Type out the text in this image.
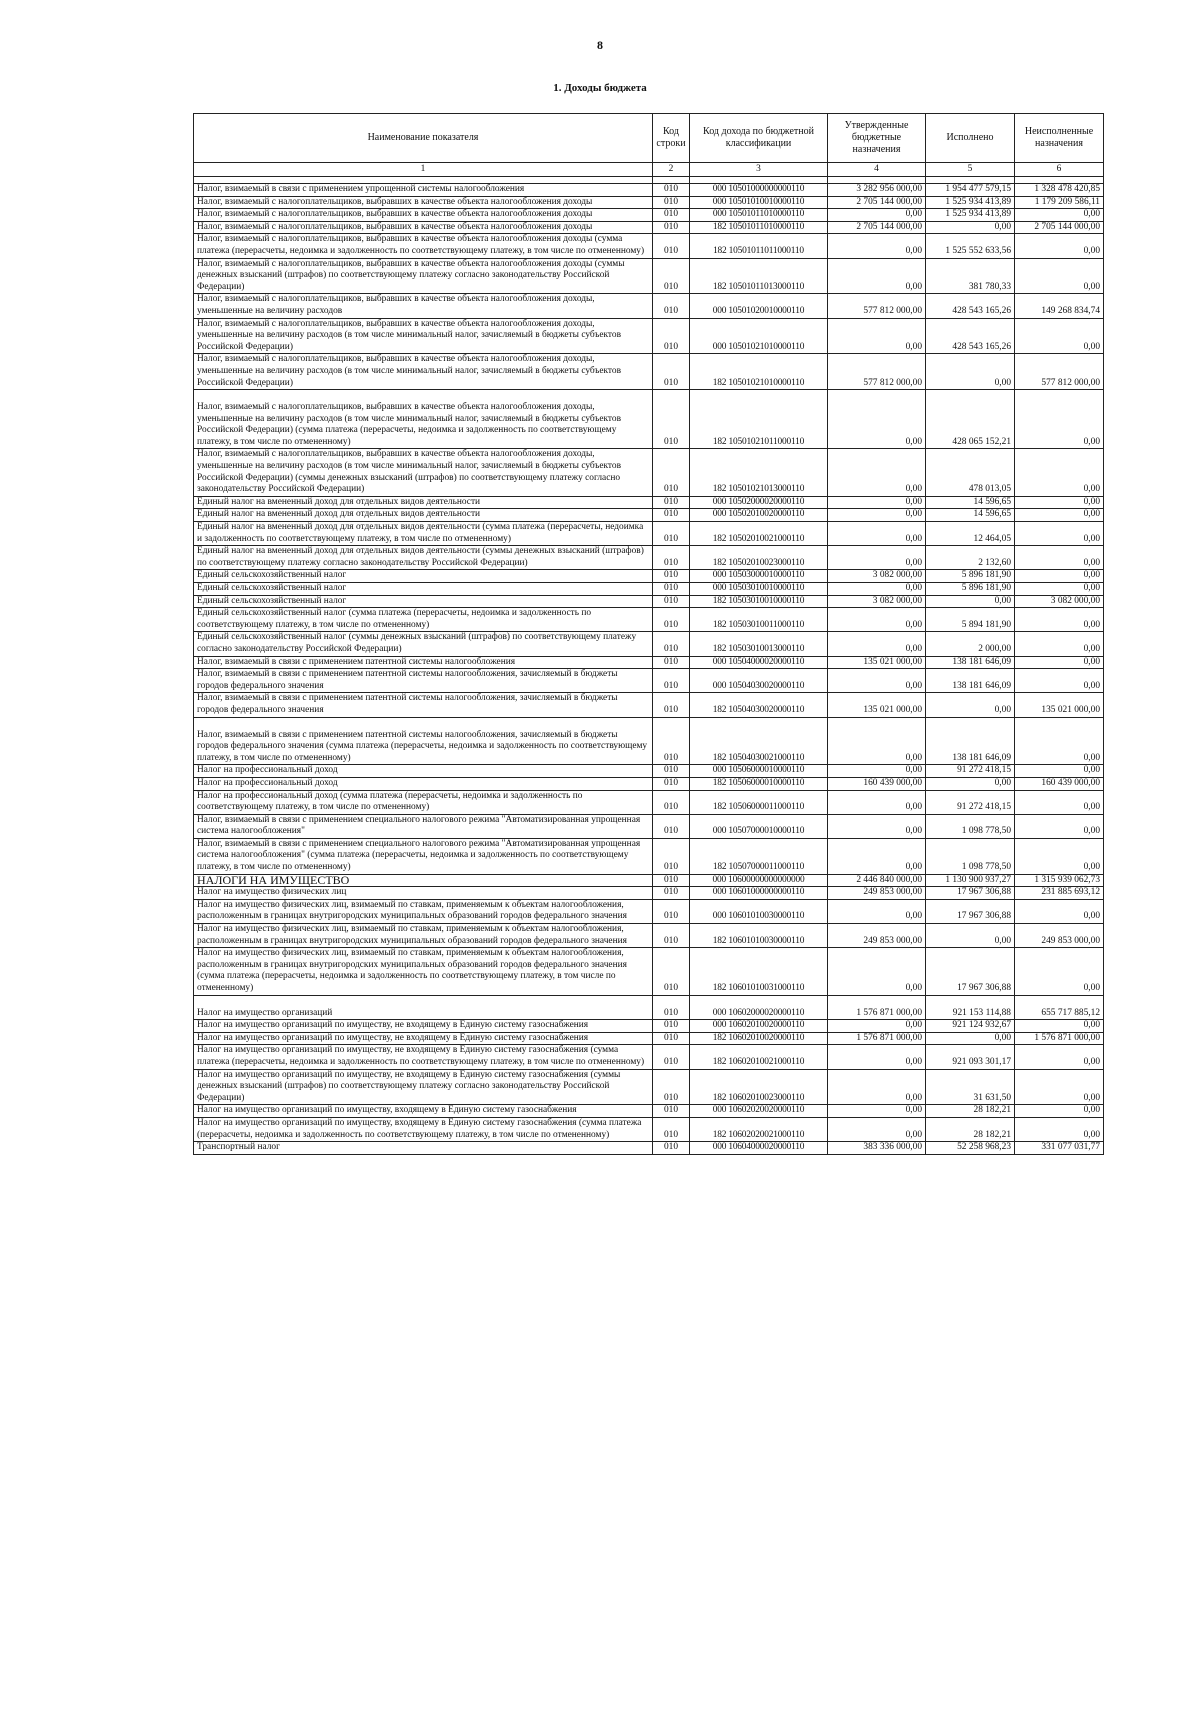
8
1. Доходы бюджета
Наименование показателя	Код строки	Код дохода по бюджетной классификации	Утвержденные бюджетные назначения	Исполнено	Неисполненные назначения
1	2	3	4	5	6

Налог, взимаемый в связи с применением упрощенной системы налогообложения	010	000 10501000000000110	3 282 956 000,00	1 954 477 579,15	1 328 478 420,85
Налог, взимаемый с налогоплательщиков, выбравших в качестве объекта налогообложения доходы	010	000 10501010010000110	2 705 144 000,00	1 525 934 413,89	1 179 209 586,11
Налог, взимаемый с налогоплательщиков, выбравших в качестве объекта налогообложения доходы	010	000 10501011010000110	0,00	1 525 934 413,89	0,00
Налог, взимаемый с налогоплательщиков, выбравших в качестве объекта налогообложения доходы	010	182 10501011010000110	2 705 144 000,00	0,00	2 705 144 000,00
Налог, взимаемый с налогоплательщиков, выбравших в качестве объекта налогообложения доходы (сумма платежа (перерасчеты, недоимка и задолженность по соответствующему платежу, в том числе по отмененному)	010	182 10501011011000110	0,00	1 525 552 633,56	0,00
Налог, взимаемый с налогоплательщиков, выбравших в качестве объекта налогообложения доходы (суммы денежных взысканий (штрафов) по соответствующему платежу согласно законодательству Российской Федерации)	010	182 10501011013000110	0,00	381 780,33	0,00
Налог, взимаемый с налогоплательщиков, выбравших в качестве объекта налогообложения доходы, уменьшенные на величину расходов	010	000 10501020010000110	577 812 000,00	428 543 165,26	149 268 834,74
Налог, взимаемый с налогоплательщиков, выбравших в качестве объекта налогообложения доходы, уменьшенные на величину расходов (в том числе минимальный налог, зачисляемый в бюджеты субъектов Российской Федерации)	010	000 10501021010000110	0,00	428 543 165,26	0,00
Налог, взимаемый с налогоплательщиков, выбравших в качестве объекта налогообложения доходы, уменьшенные на величину расходов (в том числе минимальный налог, зачисляемый в бюджеты субъектов Российской Федерации)	010	182 10501021010000110	577 812 000,00	0,00	577 812 000,00
Налог, взимаемый с налогоплательщиков, выбравших в качестве объекта налогообложения доходы, уменьшенные на величину расходов (в том числе минимальный налог, зачисляемый в бюджеты субъектов Российской Федерации) (сумма платежа (перерасчеты, недоимка и задолженность по соответствующему платежу, в том числе по отмененному)	010	182 10501021011000110	0,00	428 065 152,21	0,00
Налог, взимаемый с налогоплательщиков, выбравших в качестве объекта налогообложения доходы, уменьшенные на величину расходов (в том числе минимальный налог, зачисляемый в бюджеты субъектов Российской Федерации) (суммы денежных взысканий (штрафов) по соответствующему платежу согласно законодательству Российской Федерации)	010	182 10501021013000110	0,00	478 013,05	0,00
Единый налог на вмененный доход для отдельных видов деятельности	010	000 10502000020000110	0,00	14 596,65	0,00
Единый налог на вмененный доход для отдельных видов деятельности	010	000 10502010020000110	0,00	14 596,65	0,00
Единый налог на вмененный доход для отдельных видов деятельности (сумма платежа (перерасчеты, недоимка и задолженность по соответствующему платежу, в том числе по отмененному)	010	182 10502010021000110	0,00	12 464,05	0,00
Единый налог на вмененный доход для отдельных видов деятельности (суммы денежных взысканий (штрафов) по соответствующему платежу согласно законодательству Российской Федерации)	010	182 10502010023000110	0,00	2 132,60	0,00
Единый сельскохозяйственный налог	010	000 10503000010000110	3 082 000,00	5 896 181,90	0,00
Единый сельскохозяйственный налог	010	000 10503010010000110	0,00	5 896 181,90	0,00
Единый сельскохозяйственный налог	010	182 10503010010000110	3 082 000,00	0,00	3 082 000,00
Единый сельскохозяйственный налог (сумма платежа (перерасчеты, недоимка и задолженность по соответствующему платежу, в том числе по отмененному)	010	182 10503010011000110	0,00	5 894 181,90	0,00
Единый сельскохозяйственный налог (суммы денежных взысканий (штрафов) по соответствующему платежу согласно законодательству Российской Федерации)	010	182 10503010013000110	0,00	2 000,00	0,00
Налог, взимаемый в связи с применением патентной системы налогообложения	010	000 10504000020000110	135 021 000,00	138 181 646,09	0,00
Налог, взимаемый в связи с применением патентной системы налогообложения, зачисляемый в бюджеты городов федерального значения	010	000 10504030020000110	0,00	138 181 646,09	0,00
Налог, взимаемый в связи с применением патентной системы налогообложения, зачисляемый в бюджеты городов федерального значения	010	182 10504030020000110	135 021 000,00	0,00	135 021 000,00
Налог, взимаемый в связи с применением патентной системы налогообложения, зачисляемый в бюджеты городов федерального значения (сумма платежа (перерасчеты, недоимка и задолженность по соответствующему платежу, в том числе по отмененному)	010	182 10504030021000110	0,00	138 181 646,09	0,00
Налог на профессиональный доход	010	000 10506000010000110	0,00	91 272 418,15	0,00
Налог на профессиональный доход	010	182 10506000010000110	160 439 000,00	0,00	160 439 000,00
Налог на профессиональный доход (сумма платежа (перерасчеты, недоимка и задолженность по соответствующему платежу, в том числе по отмененному)	010	182 10506000011000110	0,00	91 272 418,15	0,00
Налог, взимаемый в связи с применением специального налогового режима "Автоматизированная упрощенная система налогообложения"	010	000 10507000010000110	0,00	1 098 778,50	0,00
Налог, взимаемый в связи с применением специального налогового режима "Автоматизированная упрощенная система налогообложения" (сумма платежа (перерасчеты, недоимка и задолженность по соответствующему платежу, в том числе по отмененному)	010	182 10507000011000110	0,00	1 098 778,50	0,00
НАЛОГИ НА ИМУЩЕСТВО	010	000 10600000000000000	2 446 840 000,00	1 130 900 937,27	1 315 939 062,73
Налог на имущество физических лиц	010	000 10601000000000110	249 853 000,00	17 967 306,88	231 885 693,12
Налог на имущество физических лиц, взимаемый по ставкам, применяемым к объектам налогообложения, расположенным в границах внутригородских муниципальных образований городов федерального значения	010	000 10601010030000110	0,00	17 967 306,88	0,00
Налог на имущество физических лиц, взимаемый по ставкам, применяемым к объектам налогообложения, расположенным в границах внутригородских муниципальных образований городов федерального значения	010	182 10601010030000110	249 853 000,00	0,00	249 853 000,00
Налог на имущество физических лиц, взимаемый по ставкам, применяемым к объектам налогообложения, расположенным в границах внутригородских муниципальных образований городов федерального значения (сумма платежа (перерасчеты, недоимка и задолженность по соответствующему платежу, в том числе по отмененному)	010	182 10601010031000110	0,00	17 967 306,88	0,00
Налог на имущество организаций	010	000 10602000020000110	1 576 871 000,00	921 153 114,88	655 717 885,12
Налог на имущество организаций по имуществу, не входящему в Единую систему газоснабжения	010	000 10602010020000110	0,00	921 124 932,67	0,00
Налог на имущество организаций по имуществу, не входящему в Единую систему газоснабжения	010	182 10602010020000110	1 576 871 000,00	0,00	1 576 871 000,00
Налог на имущество организаций по имуществу, не входящему в Единую систему газоснабжения (сумма платежа (перерасчеты, недоимка и задолженность по соответствующему платежу, в том числе по отмененному)	010	182 10602010021000110	0,00	921 093 301,17	0,00
Налог на имущество организаций по имуществу, не входящему в Единую систему газоснабжения (суммы денежных взысканий (штрафов) по соответствующему платежу согласно законодательству Российской Федерации)	010	182 10602010023000110	0,00	31 631,50	0,00
Налог на имущество организаций по имуществу, входящему в Единую систему газоснабжения	010	000 10602020020000110	0,00	28 182,21	0,00
Налог на имущество организаций по имуществу, входящему в Единую систему газоснабжения (сумма платежа (перерасчеты, недоимка и задолженность по соответствующему платежу, в том числе по отмененному)	010	182 10602020021000110	0,00	28 182,21	0,00
Транспортный налог	010	000 10604000020000110	383 336 000,00	52 258 968,23	331 077 031,77
